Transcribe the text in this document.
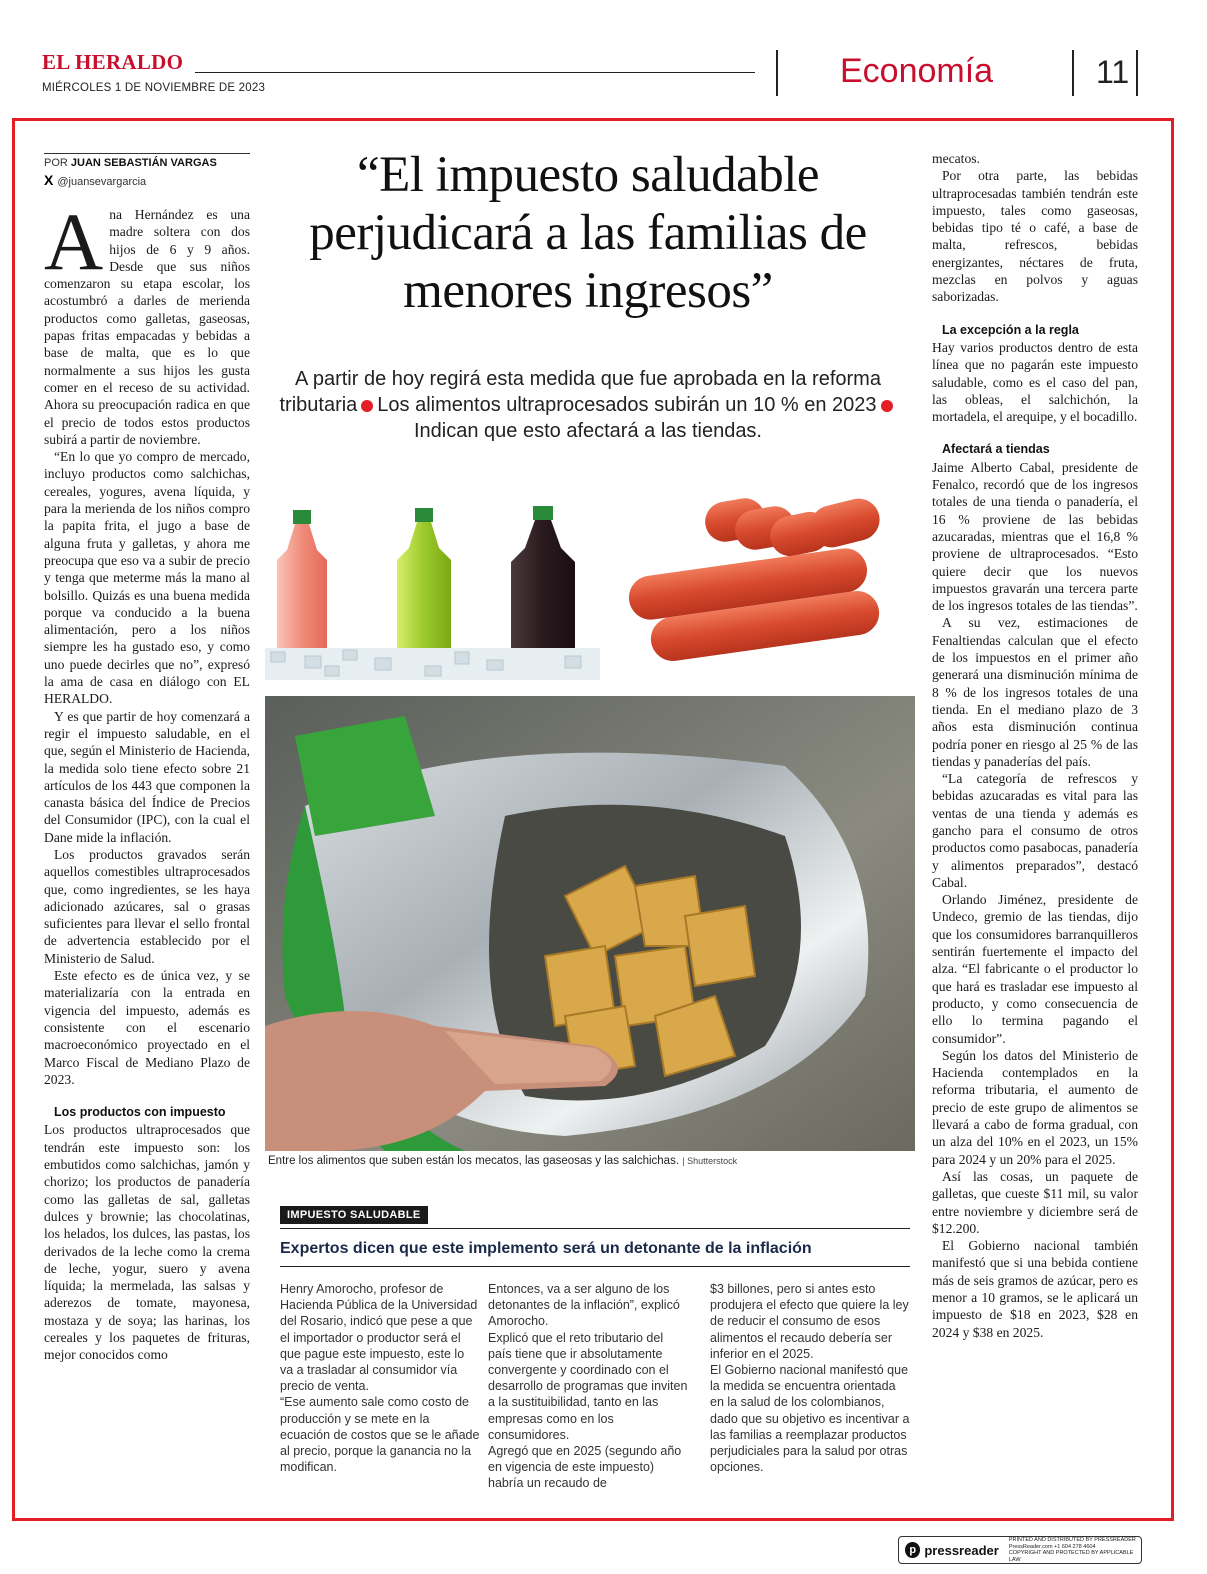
EL HERALDO
MIÉRCOLES 1 DE NOVIEMBRE DE 2023	Economía	11
POR JUAN SEBASTIÁN VARGAS
X @juansevargarcia

Ana Hernández es una madre soltera con dos hijos de 6 y 9 años. Desde que sus niños comenzaron su etapa escolar, los acostumbró a darles de merienda productos como galletas, gaseosas, papas fritas empacadas y bebidas a base de malta, que es lo que normalmente a sus hijos les gusta comer en el receso de su actividad. Ahora su preocupación radica en que el precio de todos estos productos subirá a partir de noviembre.

“En lo que yo compro de mercado, incluyo productos como salchichas, cereales, yogures, avena líquida, y para la merienda de los niños compro la papita frita, el jugo a base de alguna fruta y galletas, y ahora me preocupa que eso va a subir de precio y tenga que meterme más la mano al bolsillo. Quizás es una buena medida porque va conducido a la buena alimentación, pero a los niños siempre les ha gustado eso, y como uno puede decirles que no”, expresó la ama de casa en diálogo con EL HERALDO.

Y es que partir de hoy comenzará a regir el impuesto saludable, en el que, según el Ministerio de Hacienda, la medida solo tiene efecto sobre 21 artículos de los 443 que componen la canasta básica del Índice de Precios del Consumidor (IPC), con la cual el Dane mide la inflación.

Los productos gravados serán aquellos comestibles ultraprocesados que, como ingredientes, se les haya adicionado azúcares, sal o grasas suficientes para llevar el sello frontal de advertencia establecido por el Ministerio de Salud.

Este efecto es de única vez, y se materializaría con la entrada en vigencia del impuesto, además es consistente con el escenario macroeconómico proyectado en el Marco Fiscal de Mediano Plazo de 2023.

Los productos con impuesto

Los productos ultraprocesados que tendrán este impuesto son: los embutidos como salchichas, jamón y chorizo; los productos de panadería como las galletas de sal, galletas dulces y brownie; las chocolatinas, los helados, los dulces, las pastas, los derivados de la leche como la crema de leche, yogur, suero y avena líquida; la mermelada, las salsas y aderezos de tomate, mayonesa, mostaza y de soya; las harinas, los cereales y los paquetes de frituras, mejor conocidos como

“El impuesto saludable perjudicará a las familias de menores ingresos”
A partir de hoy regirá esta medida que fue aprobada en la reforma tributaria Los alimentos ultraprocesados subirán un 10 % en 2023Indican que esto afectará a las tiendas.
Entre los alimentos que suben están los mecatos, las gaseosas y las salchichas. | Shutterstock
IMPUESTO SALUDABLE
Expertos dicen que este implemento será un detonante de la inflación

Henry Amorocho, profesor de Hacienda Pública de la Universidad del Rosario, indicó que pese a que el importador o productor será el que pague este impuesto, este lo va a trasladar al consumidor vía precio de venta.

“Ese aumento sale como costo de producción y se mete en la ecuación de costos que se le añade al precio, porque la ganancia no la modifican.

Entonces, va a ser alguno de los detonantes de la inflación”, explicó Amorocho.

Explicó que el reto tributario del país tiene que ir absolutamente convergente y coordinado con el desarrollo de programas que inviten a la sustituibilidad, tanto en las empresas como en los consumidores.

Agregó que en 2025 (segundo año en vigencia de este impuesto) habría un recaudo de

$3 billones, pero si antes esto produjera el efecto que quiere la ley de reducir el consumo de esos alimentos el recaudo debería ser inferior en el 2025.

El Gobierno nacional manifestó que la medida se encuentra orientada en la salud de los colombianos, dado que su objetivo es incentivar a las familias a reemplazar productos perjudiciales para la salud por otras opciones.

mecatos.

Por otra parte, las bebidas ultraprocesadas también tendrán este impuesto, tales como gaseosas, bebidas tipo té o café, a base de malta, refrescos, bebidas energizantes, néctares de fruta, mezclas en polvos y aguas saborizadas.

La excepción a la regla

Hay varios productos dentro de esta línea que no pagarán este impuesto saludable, como es el caso del pan, las obleas, el salchichón, la mortadela, el arequipe, y el bocadillo.

Afectará a tiendas

Jaime Alberto Cabal, presidente de Fenalco, recordó que de los ingresos totales de una tienda o panadería, el 16 % proviene de las bebidas azucaradas, mientras que el 16,8 % proviene de ultraprocesados. “Esto quiere decir que los nuevos impuestos gravarán una tercera parte de los ingresos totales de las tiendas”.

A su vez, estimaciones de Fenaltiendas calculan que el efecto de los impuestos en el primer año generará una disminución mínima de 8 % de los ingresos totales de una tienda. En el mediano plazo de 3 años esta disminución continua podría poner en riesgo al 25 % de las tiendas y panaderías del país.

“La categoría de refrescos y bebidas azucaradas es vital para las ventas de una tienda y además es gancho para el consumo de otros productos como pasabocas, panadería y alimentos preparados”, destacó Cabal.

Orlando Jiménez, presidente de Undeco, gremio de las tiendas, dijo que los consumidores barranquilleros sentirán fuertemente el impacto del alza. “El fabricante o el productor lo que hará es trasladar ese impuesto al producto, y como consecuencia de ello lo termina pagando el consumidor”.

Según los datos del Ministerio de Hacienda contemplados en la reforma tributaria, el aumento de precio de este grupo de alimentos se llevará a cabo de forma gradual, con un alza del 10% en el 2023, un 15% para 2024 y un 20% para el 2025.

Así las cosas, un paquete de galletas, que cueste $11 mil, su valor entre noviembre y diciembre será de $12.200.

El Gobierno nacional también manifestó que si una bebida contiene más de seis gramos de azúcar, pero es menor a 10 gramos, se le aplicará un impuesto de $18 en 2023, $28 en 2024 y $38 en 2025.

p pressreader
PRINTED AND DISTRIBUTED BY PRESSREADER
PressReader.com +1 604 278 4604
COPYRIGHT AND PROTECTED BY APPLICABLE LAW
